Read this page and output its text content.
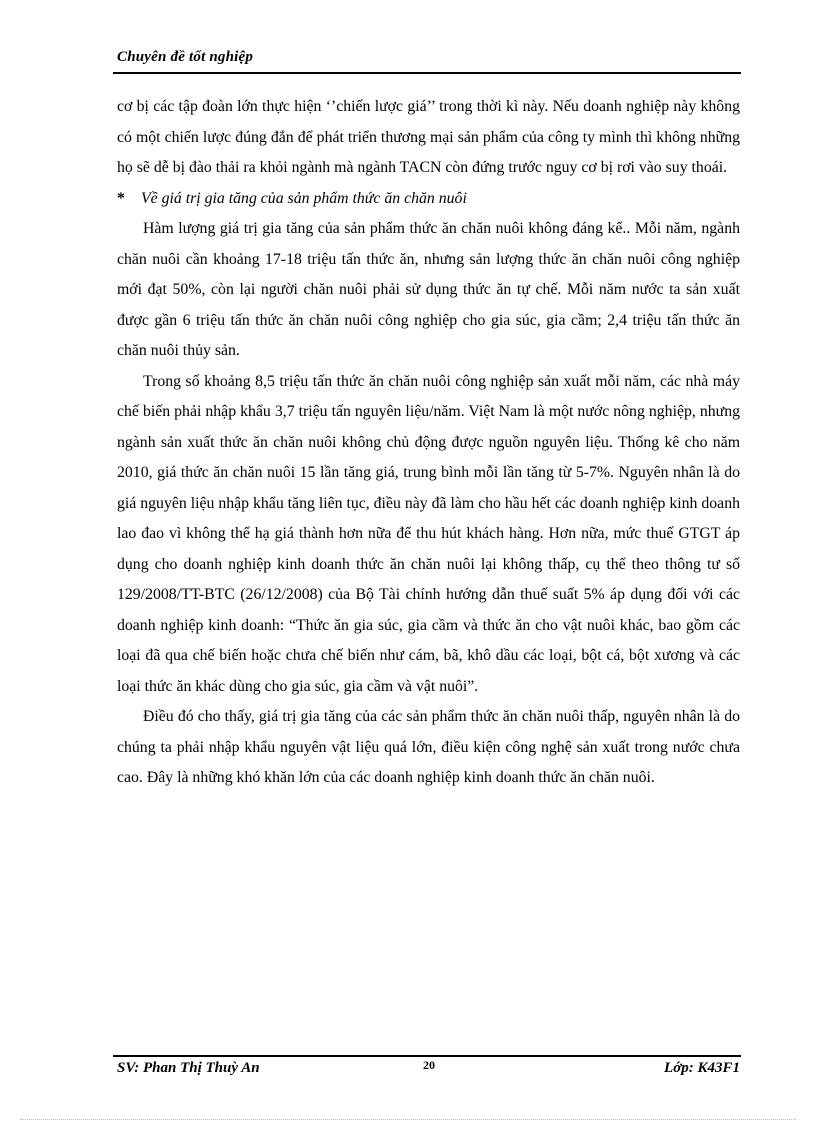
Chuyên đề tốt nghiệp

cơ bị các tập đoàn lớn thực hiện ‘’chiến lược giá’’ trong thời kì này. Nếu doanh nghiệp này không có một chiến lược đúng đắn để phát triển thương mại sản phẩm của công ty mình thì không những họ sẽ dễ bị đào thải ra khỏi ngành mà ngành TACN còn đứng trước nguy cơ bị rơi vào suy thoái.

* Về giá trị gia tăng của sản phẩm thức ăn chăn nuôi

Hàm lượng giá trị gia tăng của sản phẩm thức ăn chăn nuôi không đáng kể.. Mỗi năm, ngành chăn nuôi cần khoảng 17-18 triệu tấn thức ăn, nhưng sản lượng thức ăn chăn nuôi công nghiệp mới đạt 50%, còn lại người chăn nuôi phải sử dụng thức ăn tự chế. Mỗi năm nước ta sản xuất được gần 6 triệu tấn thức ăn chăn nuôi công nghiệp cho gia súc, gia cầm; 2,4 triệu tấn thức ăn chăn nuôi thủy sản.

Trong số khoảng 8,5 triệu tấn thức ăn chăn nuôi công nghiệp sản xuất mỗi năm, các nhà máy chế biến phải nhập khẩu 3,7 triệu tấn nguyên liệu/năm. Việt Nam là một nước nông nghiệp, nhưng ngành sản xuất thức ăn chăn nuôi không chủ động được nguồn nguyên liệu. Thống kê cho năm 2010, giá thức ăn chăn nuôi 15 lần tăng giá, trung bình mỗi lần tăng từ 5-7%. Nguyên nhân là do giá nguyên liệu nhập khẩu tăng liên tục, điều này đã làm cho hầu hết các doanh nghiệp kinh doanh lao đao vì không thể hạ giá thành hơn nữa để thu hút khách hàng. Hơn nữa, mức thuế GTGT áp dụng cho doanh nghiệp kinh doanh thức ăn chăn nuôi lại không thấp, cụ thể theo thông tư số 129/2008/TT-BTC (26/12/2008) của Bộ Tài chính hướng dẫn thuế suất 5% áp dụng đối với các doanh nghiệp kinh doanh: “Thức ăn gia súc, gia cầm và thức ăn cho vật nuôi khác, bao gồm các loại đã qua chế biến hoặc chưa chế biến như cám, bã, khô dầu các loại, bột cá, bột xương và các loại thức ăn khác dùng cho gia súc, gia cầm và vật nuôi”.

Điều đó cho thấy, giá trị gia tăng của các sản phẩm thức ăn chăn nuôi thấp, nguyên nhân là do chúng ta phải nhập khẩu nguyên vật liệu quá lớn, điều kiện công nghệ sản xuất trong nước chưa cao. Đây là những khó khăn lớn của các doanh nghiệp kinh doanh thức ăn chăn nuôi.

SV: Phan Thị Thuỳ An	20	Lớp: K43F1
